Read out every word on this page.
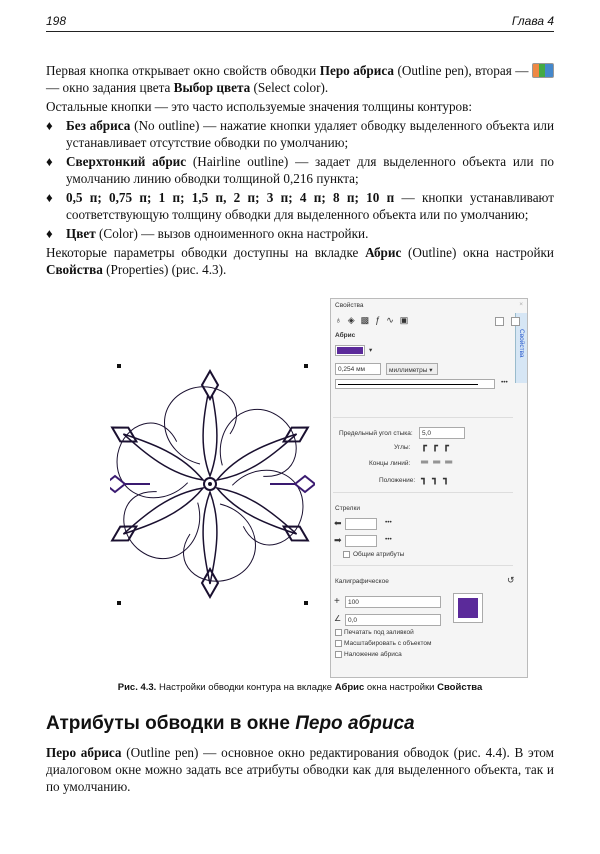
198	Глава 4

Первая кнопка открывает окно свойств обводки Перо абриса (Outline pen), вторая —  — окно задания цвета Выбор цвета (Select color).

Остальные кнопки — это часто используемые значения толщины контуров:

♦ Без абриса (No outline) — нажатие кнопки удаляет обводку выделенного объекта или устанавливает отсутствие обводки по умолчанию;
♦ Сверхтонкий абрис (Hairline outline) — задает для выделенного объекта или по умолчанию линию обводки толщиной 0,216 пункта;
♦ 0,5 п; 0,75 п; 1 п; 1,5 п, 2 п; 3 п; 4 п; 8 п; 10 п — кнопки устанавливают соответствующую толщину обводки для выделенного объекта или по умолчанию;
♦ Цвет (Color) — вызов одноименного окна настройки.

Некоторые параметры обводки доступны на вкладке Абрис (Outline) окна настройки Свойства (Properties) (рис. 4.3).

Свойства	×
Свойства
♁◈▩ƒ∿▣
Абрис
▾
0,254 мм	миллиметры ▾
•••
Предельный угол стыка:	5,0
Углы: ┏┏┏
Концы линий: ═══
Положение: ┓┓┓
Стрелки
⬅	•••
➡	•••
Общие атрибуты
Калиграфическое	↺
+	100
∠	0,0
Печатать под заливкой
Масштабировать с объектом
Наложение абриса
Рис. 4.3. Настройки обводки контура на вкладке Абрис окна настройки Свойства
Атрибуты обводки в окне Перо абриса
Перо абриса (Outline pen) — основное окно редактирования обводок (рис. 4.4). В этом диалоговом окне можно задать все атрибуты обводки как для выделенного объекта, так и по умолчанию.
